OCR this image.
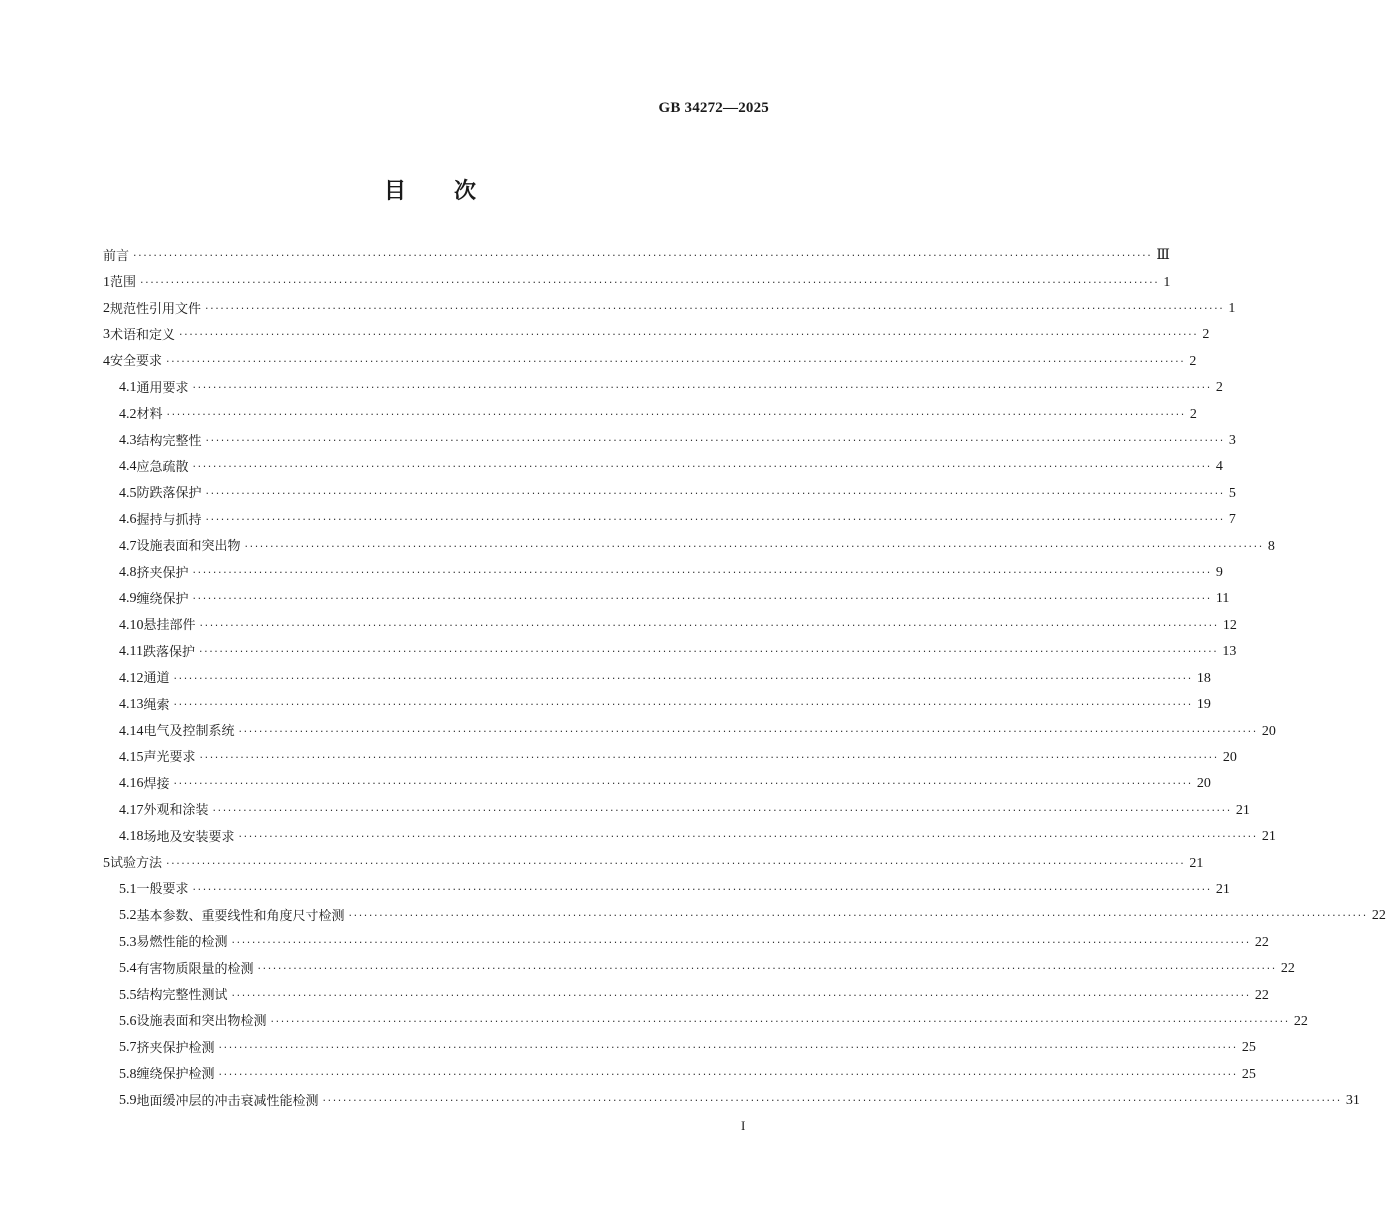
GB 34272—2025
目 次
前言 ········································································································································································································ Ⅲ
1 范围 ········································································································································································································ 1
2 规范性引用文件 ········································································································································································································ 1
3 术语和定义 ········································································································································································································ 2
4 安全要求 ········································································································································································································ 2
4.1 通用要求 ········································································································································································································ 2
4.2 材料 ········································································································································································································ 2
4.3 结构完整性 ········································································································································································································ 3
4.4 应急疏散 ········································································································································································································ 4
4.5 防跌落保护 ········································································································································································································ 5
4.6 握持与抓持 ········································································································································································································ 7
4.7 设施表面和突出物 ········································································································································································································ 8
4.8 挤夹保护 ········································································································································································································ 9
4.9 缠绕保护 ········································································································································································································ 11
4.10 悬挂部件 ········································································································································································································ 12
4.11 跌落保护 ········································································································································································································ 13
4.12 通道 ········································································································································································································ 18
4.13 绳索 ········································································································································································································ 19
4.14 电气及控制系统 ········································································································································································································ 20
4.15 声光要求 ········································································································································································································ 20
4.16 焊接 ········································································································································································································ 20
4.17 外观和涂装 ········································································································································································································ 21
4.18 场地及安装要求 ········································································································································································································ 21
5 试验方法 ········································································································································································································ 21
5.1 一般要求 ········································································································································································································ 21
5.2 基本参数、重要线性和角度尺寸检测 ········································································································································································································ 22
5.3 易燃性能的检测 ········································································································································································································ 22
5.4 有害物质限量的检测 ········································································································································································································ 22
5.5 结构完整性测试 ········································································································································································································ 22
5.6 设施表面和突出物检测 ········································································································································································································ 22
5.7 挤夹保护检测 ········································································································································································································ 25
5.8 缠绕保护检测 ········································································································································································································ 25
5.9 地面缓冲层的冲击衰减性能检测 ········································································································································································································ 31
I
